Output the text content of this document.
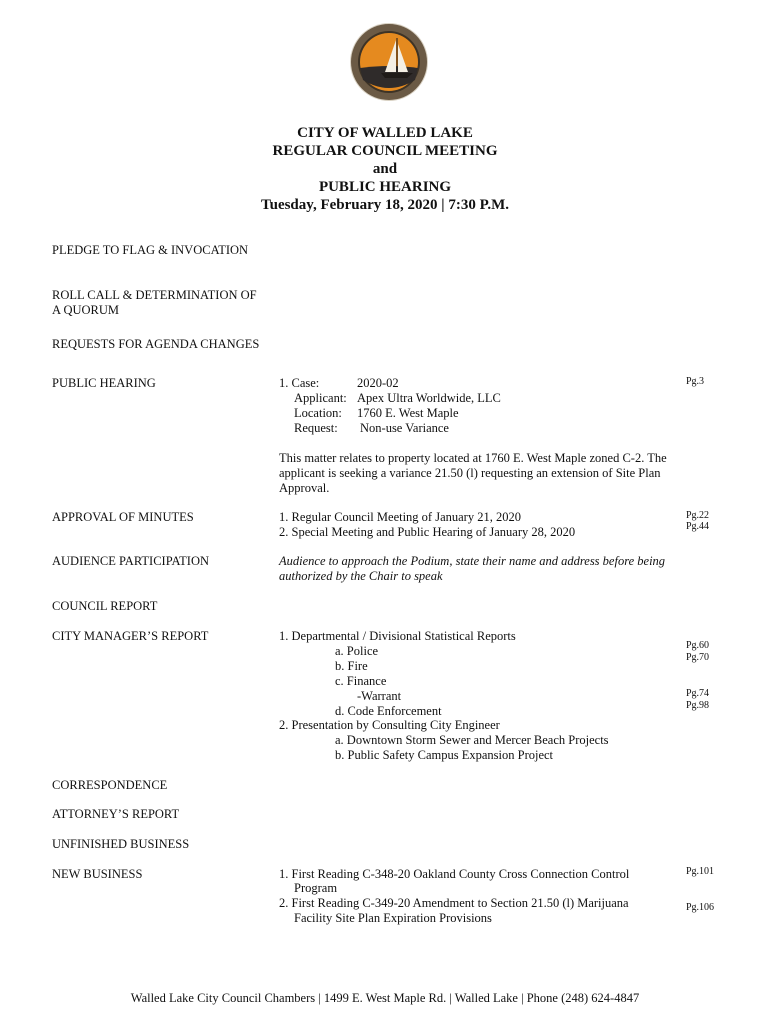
CITY OF WALLED LAKE
REGULAR COUNCIL MEETING
and
PUBLIC HEARING
Tuesday, February 18, 2020 | 7:30 P.M.
PLEDGE TO FLAG & INVOCATION
ROLL CALL & DETERMINATION OF
A QUORUM
REQUESTS FOR AGENDA CHANGES
PUBLIC HEARING
APPROVAL OF MINUTES
AUDIENCE PARTICIPATION
COUNCIL REPORT
CITY MANAGER’S REPORT
CORRESPONDENCE
ATTORNEY’S REPORT
UNFINISHED BUSINESS
NEW BUSINESS
1. Case:	2020-02
Applicant: Apex Ultra Worldwide, LLC
Location: 1760 E. West Maple
Request: Non-use Variance
Pg.3
This matter relates to property located at 1760 E. West Maple zoned C-2. The applicant is seeking a variance 21.50 (l) requesting an extension of Site Plan Approval.
1. Regular Council Meeting of January 21, 2020
2. Special Meeting and Public Hearing of January 28, 2020
Pg.22
Pg.44
Audience to approach the Podium, state their name and address before being authorized by the Chair to speak
1. Departmental / Divisional Statistical Reports
a. Police
b. Fire
c. Finance
-Warrant
d. Code Enforcement
2. Presentation by Consulting City Engineer
a. Downtown Storm Sewer and Mercer Beach Projects
b. Public Safety Campus Expansion Project
Pg.60
Pg.70
Pg.74
Pg.98
1. First Reading C-348-20 Oakland County Cross Connection Control
Program
2. First Reading C-349-20 Amendment to Section 21.50 (l) Marijuana
Facility Site Plan Expiration Provisions
Pg.101
Pg.106
Walled Lake City Council Chambers | 1499 E. West Maple Rd. | Walled Lake | Phone (248) 624-4847
